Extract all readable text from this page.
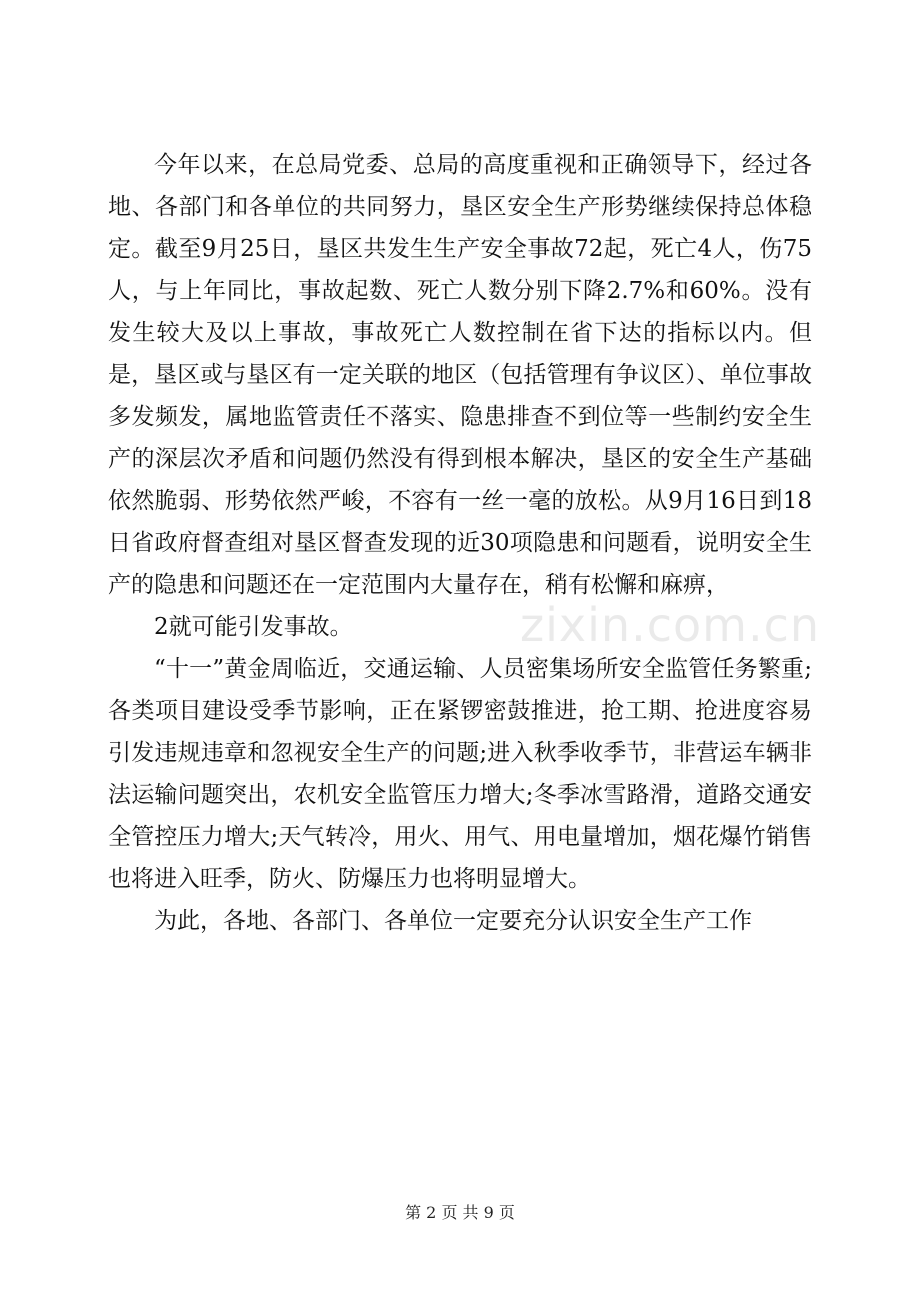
今年以来，在总局党委、总局的高度重视和正确领导下，经过各地、各部门和各单位的共同努力，垦区安全生产形势继续保持总体稳定。截至9月25日，垦区共发生生产安全事故72起，死亡4人，伤75人，与上年同比，事故起数、死亡人数分别下降2.7%和60%。没有发生较大及以上事故，事故死亡人数控制在省下达的指标以内。但是，垦区或与垦区有一定关联的地区（包括管理有争议区）、单位事故多发频发，属地监管责任不落实、隐患排查不到位等一些制约安全生产的深层次矛盾和问题仍然没有得到根本解决，垦区的安全生产基础依然脆弱、形势依然严峻，不容有一丝一毫的放松。从9月16日到18日省政府督查组对垦区督查发现的近30项隐患和问题看，说明安全生产的隐患和问题还在一定范围内大量存在，稍有松懈和麻痹，

2就可能引发事故。

“十一”黄金周临近，交通运输、人员密集场所安全监管任务繁重;各类项目建设受季节影响，正在紧锣密鼓推进，抢工期、抢进度容易引发违规违章和忽视安全生产的问题;进入秋季收季节，非营运车辆非法运输问题突出，农机安全监管压力增大;冬季冰雪路滑，道路交通安全管控压力增大;天气转冷，用火、用气、用电量增加，烟花爆竹销售也将进入旺季，防火、防爆压力也将明显增大。

为此，各地、各部门、各单位一定要充分认识安全生产工作

zixin.com.cn
第 2 页 共 9 页
